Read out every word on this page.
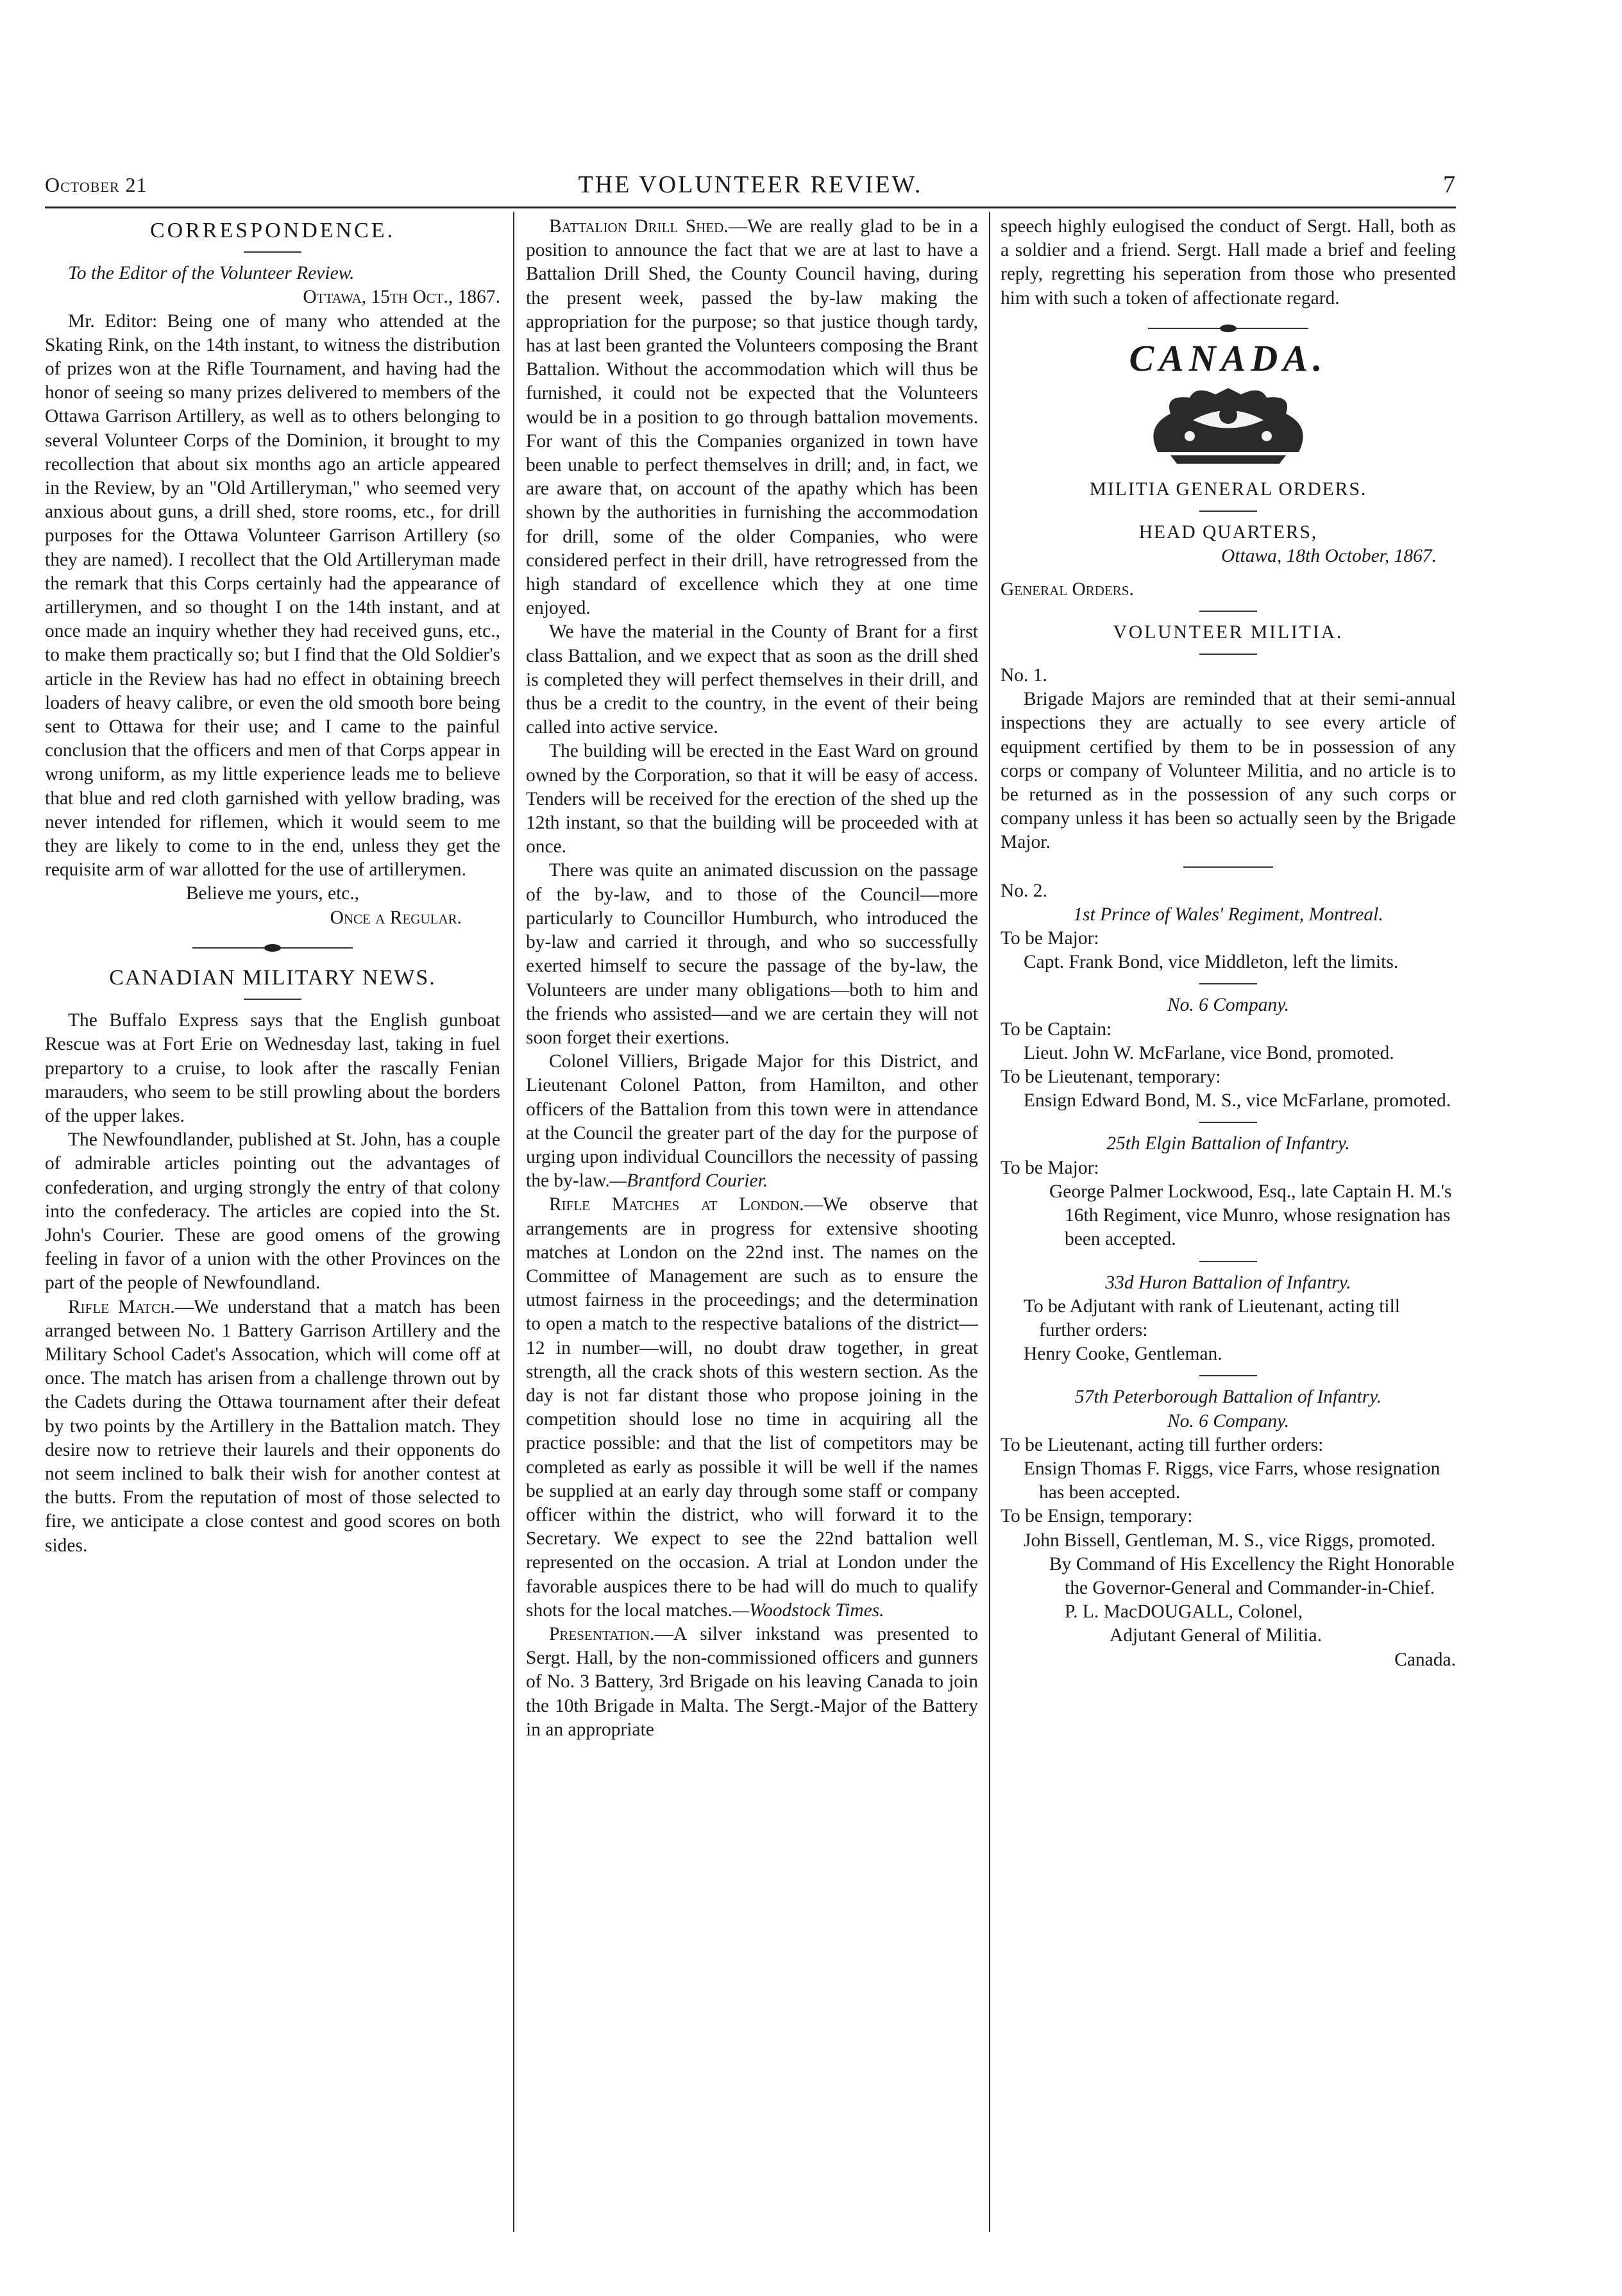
October 21	THE VOLUNTEER REVIEW.	7

CORRESPONDENCE.

To the Editor of the Volunteer Review.

Ottawa, 15th Oct., 1867.

Mr. Editor: Being one of many who attended at the Skating Rink, on the 14th instant, to witness the distribution of prizes won at the Rifle Tournament, and having had the honor of seeing so many prizes delivered to members of the Ottawa Garrison Artillery, as well as to others belonging to several Volunteer Corps of the Dominion, it brought to my recollection that about six months ago an article appeared in the Review, by an "Old Artilleryman," who seemed very anxious about guns, a drill shed, store rooms, etc., for drill purposes for the Ottawa Volunteer Garrison Artillery (so they are named). I recollect that the Old Artilleryman made the remark that this Corps certainly had the appearance of artillerymen, and so thought I on the 14th instant, and at once made an inquiry whether they had received guns, etc., to make them practically so; but I find that the Old Soldier's article in the Review has had no effect in obtaining breech loaders of heavy calibre, or even the old smooth bore being sent to Ottawa for their use; and I came to the painful conclusion that the officers and men of that Corps appear in wrong uniform, as my little experience leads me to believe that blue and red cloth garnished with yellow brading, was never intended for riflemen, which it would seem to me they are likely to come to in the end, unless they get the requisite arm of war allotted for the use of artillerymen.

Believe me yours, etc.,

Once a Regular.

CANADIAN MILITARY NEWS.

The Buffalo Express says that the English gunboat Rescue was at Fort Erie on Wednesday last, taking in fuel prepartory to a cruise, to look after the rascally Fenian marauders, who seem to be still prowling about the borders of the upper lakes.

The Newfoundlander, published at St. John, has a couple of admirable articles pointing out the advantages of confederation, and urging strongly the entry of that colony into the confederacy. The articles are copied into the St. John's Courier. These are good omens of the growing feeling in favor of a union with the other Provinces on the part of the people of Newfoundland.

Rifle Match.—We understand that a match has been arranged between No. 1 Battery Garrison Artillery and the Military School Cadet's Assocation, which will come off at once. The match has arisen from a challenge thrown out by the Cadets during the Ottawa tournament after their defeat by two points by the Artillery in the Battalion match. They desire now to retrieve their laurels and their opponents do not seem inclined to balk their wish for another contest at the butts. From the reputation of most of those selected to fire, we anticipate a close contest and good scores on both sides.

Battalion Drill Shed.—We are really glad to be in a position to announce the fact that we are at last to have a Battalion Drill Shed, the County Council having, during the present week, passed the by-law making the appropriation for the purpose; so that justice though tardy, has at last been granted the Volunteers composing the Brant Battalion. Without the accommodation which will thus be furnished, it could not be expected that the Volunteers would be in a position to go through battalion movements. For want of this the Companies organized in town have been unable to perfect themselves in drill; and, in fact, we are aware that, on account of the apathy which has been shown by the authorities in furnishing the accommodation for drill, some of the older Companies, who were considered perfect in their drill, have retrogressed from the high standard of excellence which they at one time enjoyed.

We have the material in the County of Brant for a first class Battalion, and we expect that as soon as the drill shed is completed they will perfect themselves in their drill, and thus be a credit to the country, in the event of their being called into active service.

The building will be erected in the East Ward on ground owned by the Corporation, so that it will be easy of access. Tenders will be received for the erection of the shed up the 12th instant, so that the building will be proceeded with at once.

There was quite an animated discussion on the passage of the by-law, and to those of the Council—more particularly to Councillor Humburch, who introduced the by-law and carried it through, and who so successfully exerted himself to secure the passage of the by-law, the Volunteers are under many obligations—both to him and the friends who assisted—and we are certain they will not soon forget their exertions.

Colonel Villiers, Brigade Major for this District, and Lieutenant Colonel Patton, from Hamilton, and other officers of the Battalion from this town were in attendance at the Council the greater part of the day for the purpose of urging upon individual Councillors the necessity of passing the by-law.—Brantford Courier.

Rifle Matches at London.—We observe that arrangements are in progress for extensive shooting matches at London on the 22nd inst. The names on the Committee of Management are such as to ensure the utmost fairness in the proceedings; and the determination to open a match to the respective batalions of the district—12 in number—will, no doubt draw together, in great strength, all the crack shots of this western section. As the day is not far distant those who propose joining in the competition should lose no time in acquiring all the practice possible: and that the list of competitors may be completed as early as possible it will be well if the names be supplied at an early day through some staff or company officer within the district, who will forward it to the Secretary. We expect to see the 22nd battalion well represented on the occasion. A trial at London under the favorable auspices there to be had will do much to qualify shots for the local matches.—Woodstock Times.

Presentation.—A silver inkstand was presented to Sergt. Hall, by the non-commissioned officers and gunners of No. 3 Battery, 3rd Brigade on his leaving Canada to join the 10th Brigade in Malta. The Sergt.-Major of the Battery in an appropriate

speech highly eulogised the conduct of Sergt. Hall, both as a soldier and a friend. Sergt. Hall made a brief and feeling reply, regretting his seperation from those who presented him with such a token of affectionate regard.

CANADA.

MILITIA GENERAL ORDERS.

HEAD QUARTERS,

Ottawa, 18th October, 1867.

General Orders.

VOLUNTEER MILITIA.

No. 1.

Brigade Majors are reminded that at their semi-annual inspections they are actually to see every article of equipment certified by them to be in possession of any corps or company of Volunteer Militia, and no article is to be returned as in the possession of any such corps or company unless it has been so actually seen by the Brigade Major.

No. 2.

1st Prince of Wales' Regiment, Montreal.

To be Major:

Capt. Frank Bond, vice Middleton, left the limits.

No. 6 Company.

To be Captain:

Lieut. John W. McFarlane, vice Bond, promoted.

To be Lieutenant, temporary:

Ensign Edward Bond, M. S., vice McFarlane, promoted.

25th Elgin Battalion of Infantry.

To be Major:

George Palmer Lockwood, Esq., late Captain H. M.'s 16th Regiment, vice Munro, whose resignation has been accepted.

33d Huron Battalion of Infantry.

To be Adjutant with rank of Lieutenant, acting till further orders:

Henry Cooke, Gentleman.

57th Peterborough Battalion of Infantry.

No. 6 Company.

To be Lieutenant, acting till further orders:

Ensign Thomas F. Riggs, vice Farrs, whose resignation has been accepted.

To be Ensign, temporary:

John Bissell, Gentleman, M. S., vice Riggs, promoted.

By Command of His Excellency the Right Honorable the Governor-General and Commander-in-Chief.

P. L. MacDOUGALL, Colonel,

Adjutant General of Militia.

Canada.
